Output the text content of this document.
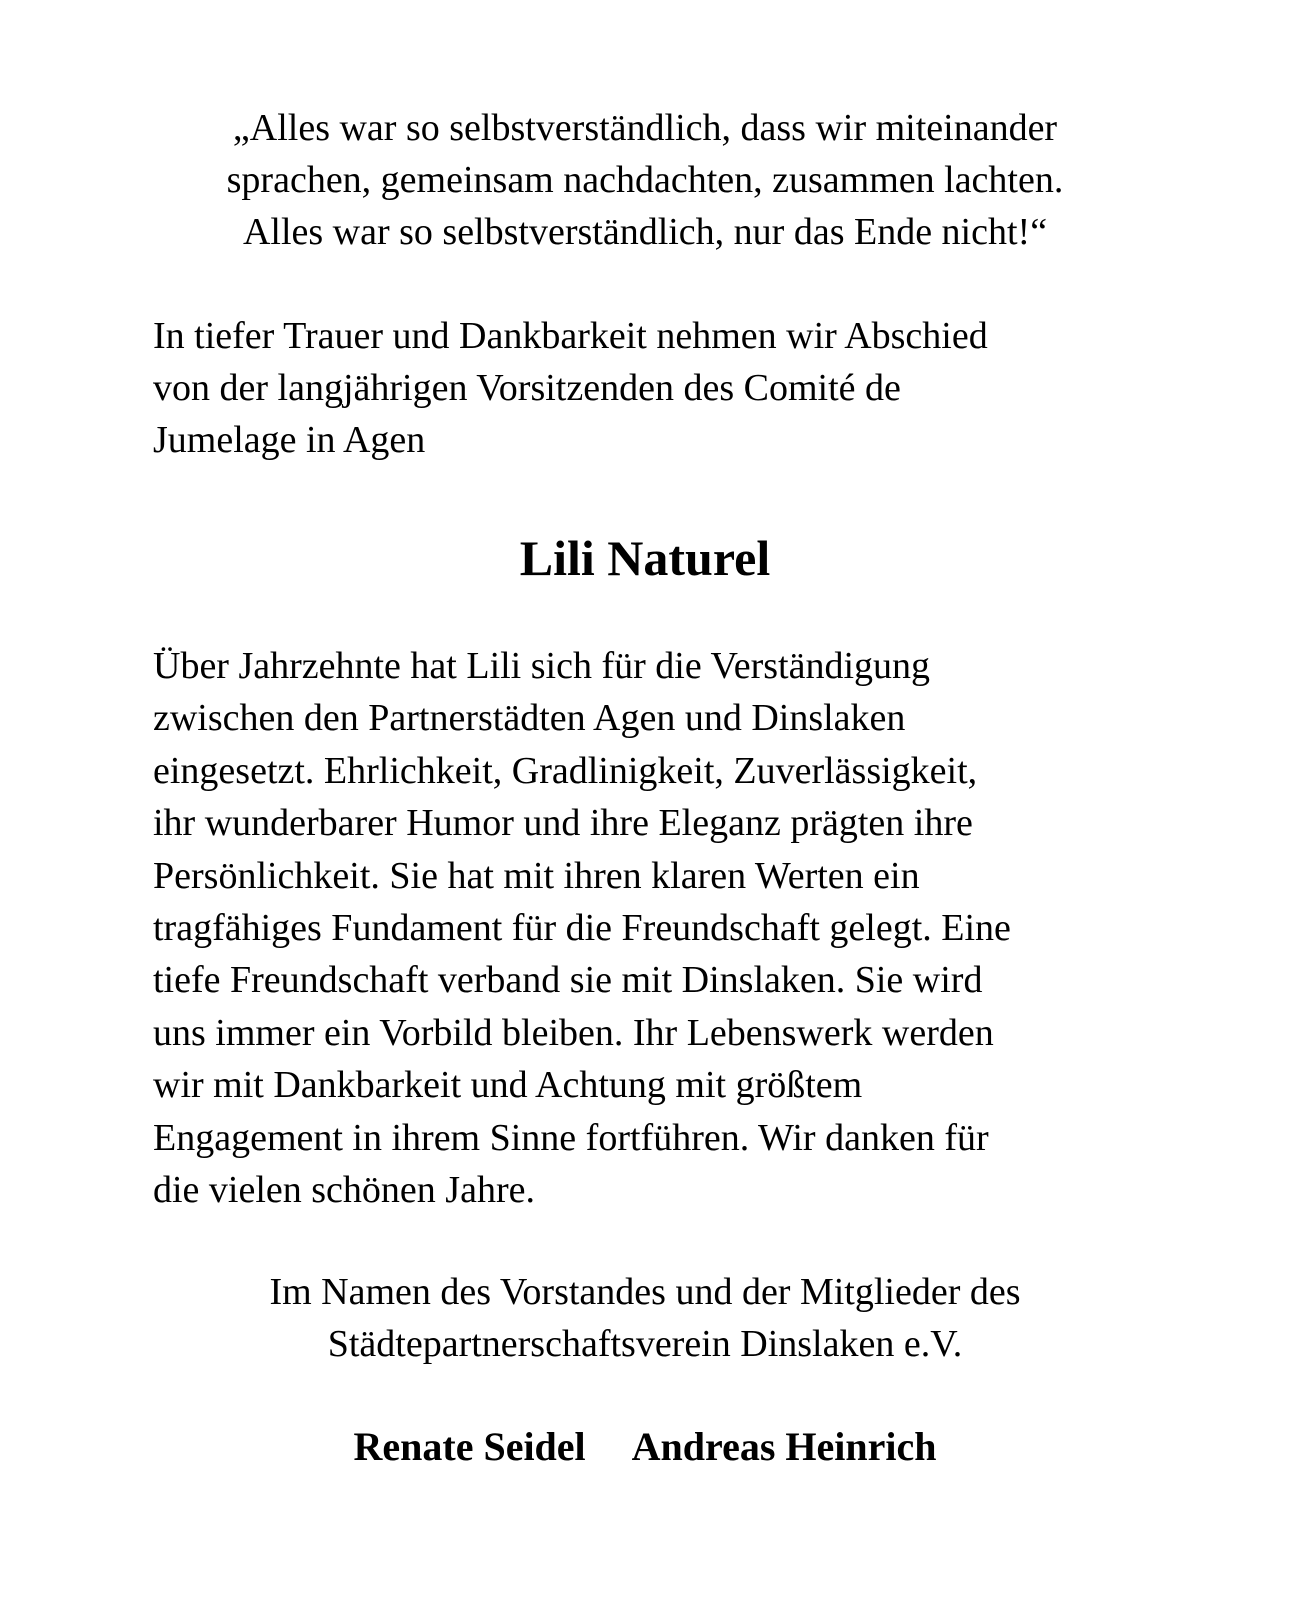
„Alles war so selbstverständlich, dass wir miteinander
sprachen, gemeinsam nachdachten, zusammen lachten.
Alles war so selbstverständlich, nur das Ende nicht!“

In tiefer Trauer und Dankbarkeit nehmen wir Abschied
von der langjährigen Vorsitzenden des Comité de
Jumelage in Agen

Lili Naturel

Über Jahrzehnte hat Lili sich für die Verständigung
zwischen den Partnerstädten Agen und Dinslaken
eingesetzt. Ehrlichkeit, Gradlinigkeit, Zuverlässigkeit,
ihr wunderbarer Humor und ihre Eleganz prägten ihre
Persönlichkeit. Sie hat mit ihren klaren Werten ein
tragfähiges Fundament für die Freundschaft gelegt. Eine
tiefe Freundschaft verband sie mit Dinslaken. Sie wird
uns immer ein Vorbild bleiben. Ihr Lebenswerk werden
wir mit Dankbarkeit und Achtung mit größtem
Engagement in ihrem Sinne fortführen. Wir danken für
die vielen schönen Jahre.

Im Namen des Vorstandes und der Mitglieder des
Städtepartnerschaftsverein Dinslaken e.V.

Renate Seidel Andreas Heinrich
